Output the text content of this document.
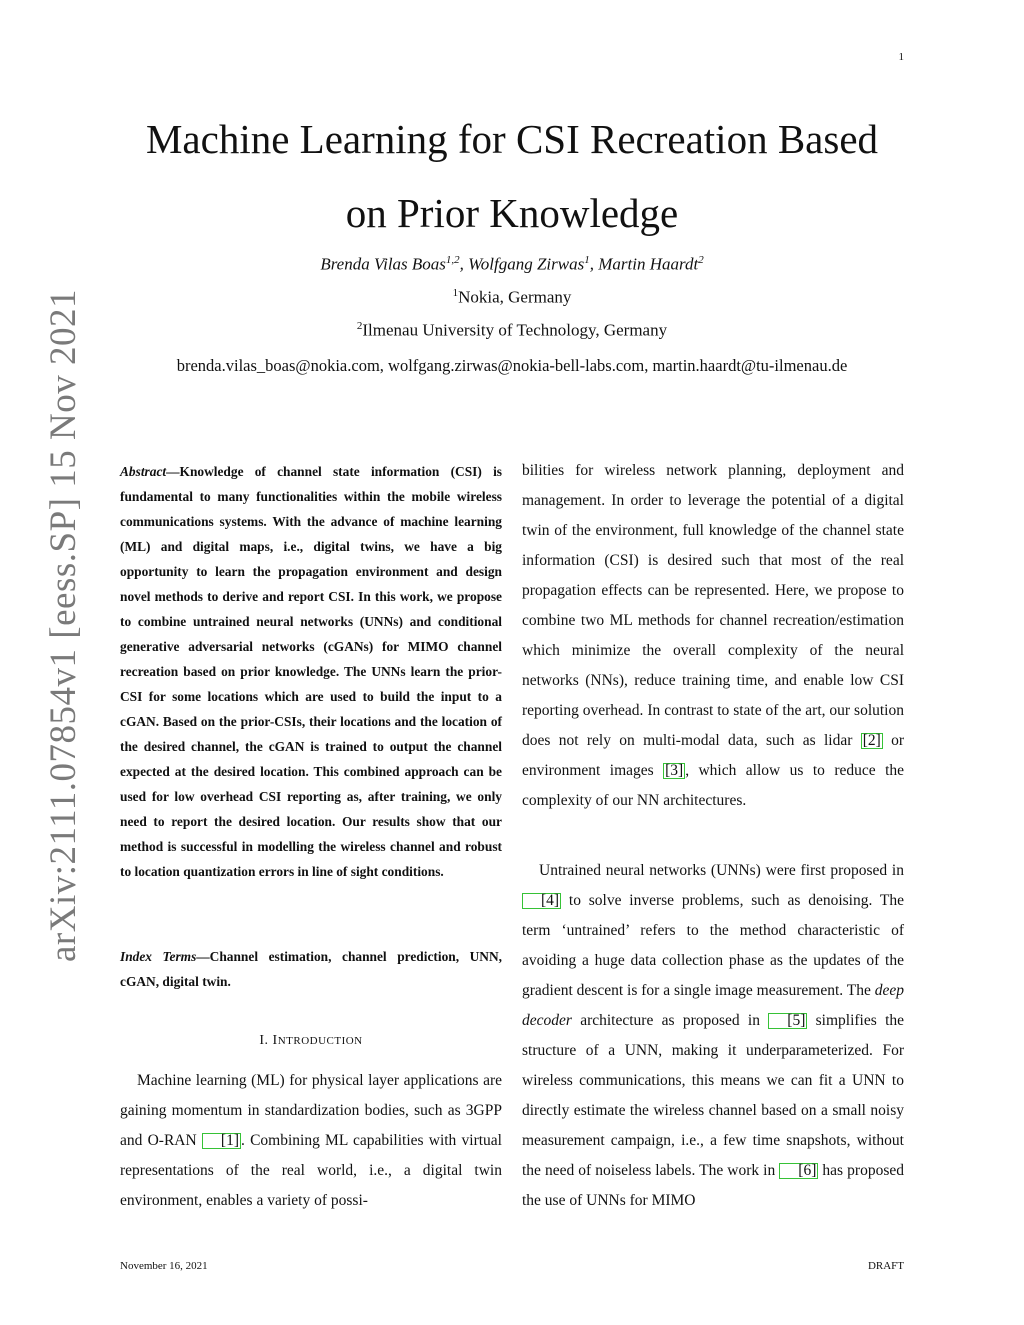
1
Machine Learning for CSI Recreation Based
on Prior Knowledge
Brenda Vilas Boas$^{1,2}$, Wolfgang Zirwas$^1$, Martin Haardt$^2$
$^1$Nokia, Germany
$^2$Ilmenau University of Technology, Germany
brenda.vilas_boas@nokia.com, wolfgang.zirwas@nokia-bell-labs.com, martin.haardt@tu-ilmenau.de
arXiv:2111.07854v1 [eess.SP] 15 Nov 2021	Abstract—Knowledge of channel state information (CSI) is fundamental to many functionalities within the mobile wireless communications systems. With the advance of machine learning (ML) and digital maps, i.e., digital twins, we have a big opportunity to learn the propagation environment and design novel methods to derive and report CSI. In this work, we propose to combine untrained neural networks (UNNs) and conditional generative adversarial networks (cGANs) for MIMO channel recreation based on prior knowledge. The UNNs learn the prior-CSI for some locations which are used to build the input to a cGAN. Based on the prior-CSIs, their locations and the location of the desired channel, the cGAN is trained to output the channel expected at the desired location. This combined approach can be used for low overhead CSI reporting as, after training, we only need to report the desired location. Our results show that our method is successful in modelling the wireless channel and robust to location quantization errors in line of sight conditions.
Index Terms—Channel estimation, channel prediction, UNN, cGAN, digital twin.
I. INTRODUCTION
Machine learning (ML) for physical layer applications are gaining momentum in standardization bodies, such as 3GPP and O-RAN [1] . Combining ML capabilities with virtual representations of the real world, i.e., a digital twin environment, enables a variety of possi-
bilities for wireless network planning, deployment and management. In order to leverage the potential of a digital twin of the environment, full knowledge of the channel state information (CSI) is desired such that most of the real propagation effects can be represented. Here, we propose to combine two ML methods for channel recreation/estimation which minimize the overall complexity of the neural networks (NNs), reduce training time, and enable low CSI reporting overhead. In contrast to state of the art, our solution does not rely on multi-modal data, such as lidar [2] or environment images [3] , which allow us to reduce the complexity of our NN architectures.
Untrained neural networks (UNNs) were first proposed in [4] to solve inverse problems, such as denoising. The term ‘untrained’ refers to the method characteristic of avoiding a huge data collection phase as the updates of the gradient descent is for a single image measurement. The deep decoder architecture as proposed in [5] simplifies the structure of a UNN, making it underparameterized. For wireless communications, this means we can fit a UNN to directly estimate the wireless channel based on a small noisy measurement campaign, i.e., a few time snapshots, without the need of noiseless labels. The work in [6] has proposed the use of UNNs for MIMO
November 16, 2021	DRAFT
